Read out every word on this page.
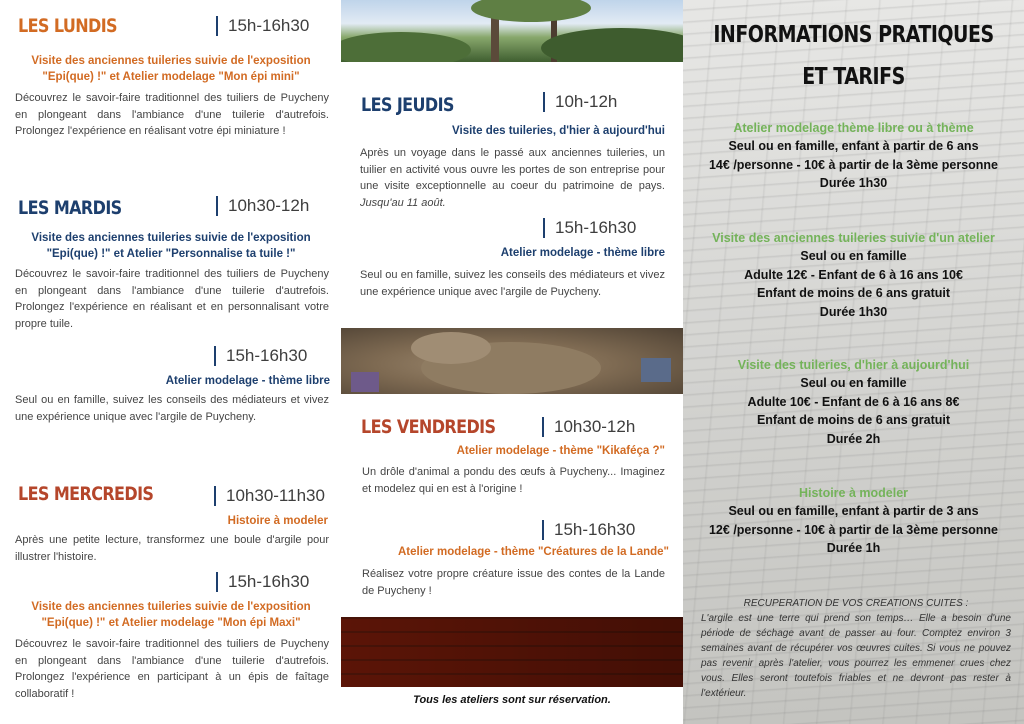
LES LUNDIS	15h-16h30
Visite des anciennes tuileries suivie de l'exposition
"Epi(que) !" et Atelier modelage "Mon épi mini"
Découvrez le savoir-faire traditionnel des tuiliers de Puycheny en plongeant dans l'ambiance d'une tuilerie d'autrefois. Prolongez l'expérience en réalisant votre épi miniature !
LES MARDIS	10h30-12h
Visite des anciennes tuileries suivie de l'exposition
"Epi(que) !" et Atelier "Personnalise ta tuile !"
Découvrez le savoir-faire traditionnel des tuiliers de Puycheny en plongeant dans l'ambiance d'une tuilerie d'autrefois. Prolongez l'expérience en réalisant et en personnalisant votre propre tuile.
15h-16h30
Atelier modelage - thème libre
Seul ou en famille, suivez les conseils des médiateurs et vivez une expérience unique avec l'argile de Puycheny.
LES MERCREDIS	10h30-11h30
Histoire à modeler
Après une petite lecture, transformez une boule d'argile pour illustrer l'histoire.
15h-16h30
Visite des anciennes tuileries suivie de l'exposition
"Epi(que) !" et Atelier modelage "Mon épi Maxi"
Découvrez le savoir-faire traditionnel des tuiliers de Puycheny en plongeant dans l'ambiance d'une tuilerie d'autrefois. Prolongez l'expérience en participant à un épis de faîtage collaboratif !
LES JEUDIS	10h-12h
Visite des tuileries, d'hier à aujourd'hui
Après un voyage dans le passé aux anciennes tuileries, un tuilier en activité vous ouvre les portes de son entreprise pour une visite exceptionnelle au coeur du patrimoine de pays. Jusqu'au 11 août.
15h-16h30
Atelier modelage - thème libre
Seul ou en famille, suivez les conseils des médiateurs et vivez une expérience unique avec l'argile de Puycheny.
LES VENDREDIS	10h30-12h
Atelier modelage - thème "Kikaféça ?"
Un drôle d'animal a pondu des œufs à Puycheny... Imaginez et modelez qui en est à l'origine !
15h-16h30
Atelier modelage - thème "Créatures de la Lande"
Réalisez votre propre créature issue des contes de la Lande de Puycheny !
Tous les ateliers sont sur réservation.
INFORMATIONS PRATIQUES
ET TARIFS
Atelier modelage thème libre ou à thème
Seul ou en famille, enfant à partir de 6 ans
14€ /personne - 10€ à partir de la 3ème personne
Durée 1h30
Visite des anciennes tuileries suivie d'un atelier
Seul ou en famille
Adulte 12€ - Enfant de 6 à 16 ans 10€
Enfant de moins de 6 ans gratuit
Durée 1h30
Visite des tuileries, d'hier à aujourd'hui
Seul ou en famille
Adulte 10€ - Enfant de 6 à 16 ans 8€
Enfant de moins de 6 ans gratuit
Durée 2h
Histoire à modeler
Seul ou en famille, enfant à partir de 3 ans
12€ /personne - 10€ à partir de la 3ème personne
Durée 1h
RECUPERATION DE VOS CREATIONS CUITES :
L'argile est une terre qui prend son temps… Elle a besoin d'une période de séchage avant de passer au four. Comptez environ 3 semaines avant de récupérer vos œuvres cuites. Si vous ne pouvez pas revenir après l'atelier, vous pourrez les emmener crues chez vous. Elles seront toutefois friables et ne devront pas rester à l'extérieur.
